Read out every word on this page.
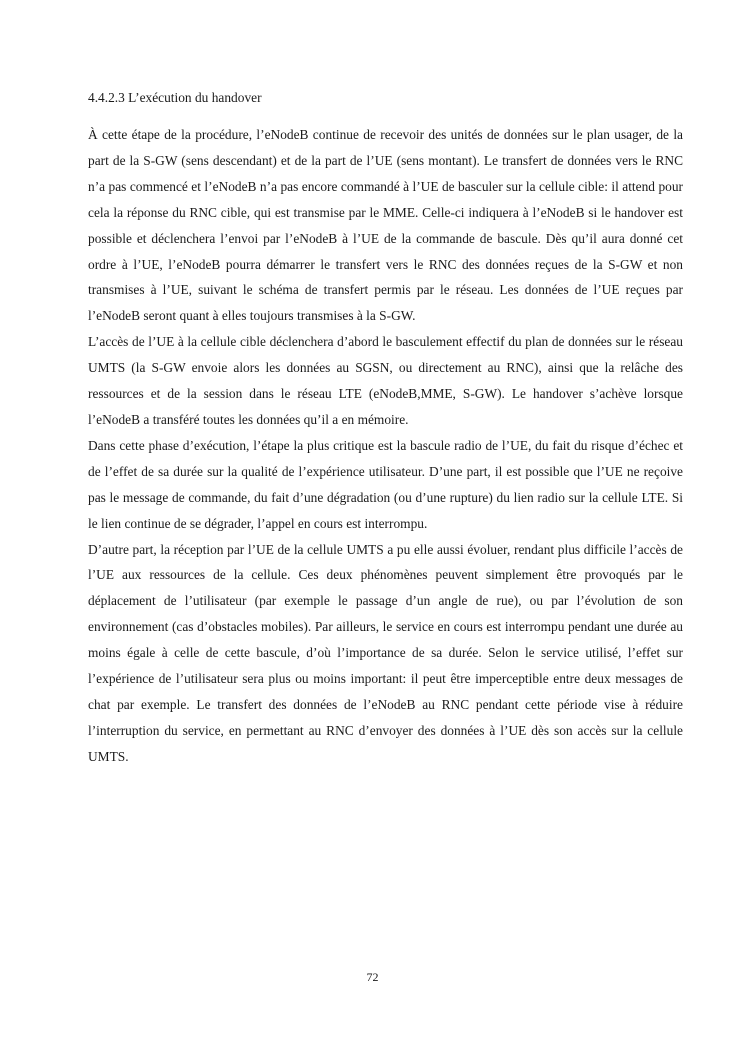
4.4.2.3 L’exécution du handover

À cette étape de la procédure, l’eNodeB continue de recevoir des unités de données sur le plan usager, de la part de la S-GW (sens descendant) et de la part de l’UE (sens montant). Le transfert de données vers le RNC n’a pas commencé et l’eNodeB n’a pas encore commandé à l’UE de basculer sur la cellule cible: il attend pour cela la réponse du RNC cible, qui est transmise par le MME. Celle-ci indiquera à l’eNodeB si le handover est possible et déclenchera l’envoi par l’eNodeB à l’UE de la commande de bascule. Dès qu’il aura donné cet ordre à l’UE, l’eNodeB pourra démarrer le transfert vers le RNC des données reçues de la S-GW et non transmises à l’UE, suivant le schéma de transfert permis par le réseau. Les données de l’UE reçues par l’eNodeB seront quant à elles toujours transmises à la S-GW.

L’accès de l’UE à la cellule cible déclenchera d’abord le basculement effectif du plan de données sur le réseau UMTS (la S-GW envoie alors les données au SGSN, ou directement au RNC), ainsi que la relâche des ressources et de la session dans le réseau LTE (eNodeB,MME, S-GW). Le handover s’achève lorsque l’eNodeB a transféré toutes les données qu’il a en mémoire.

Dans cette phase d’exécution, l’étape la plus critique est la bascule radio de l’UE, du fait du risque d’échec et de l’effet de sa durée sur la qualité de l’expérience utilisateur. D’une part, il est possible que l’UE ne reçoive pas le message de commande, du fait d’une dégradation (ou d’une rupture) du lien radio sur la cellule LTE. Si le lien continue de se dégrader, l’appel en cours est interrompu.

D’autre part, la réception par l’UE de la cellule UMTS a pu elle aussi évoluer, rendant plus difficile l’accès de l’UE aux ressources de la cellule. Ces deux phénomènes peuvent simplement être provoqués par le déplacement de l’utilisateur (par exemple le passage d’un angle de rue), ou par l’évolution de son environnement (cas d’obstacles mobiles). Par ailleurs, le service en cours est interrompu pendant une durée au moins égale à celle de cette bascule, d’où l’importance de sa durée. Selon le service utilisé, l’effet sur l’expérience de l’utilisateur sera plus ou moins important: il peut être imperceptible entre deux messages de chat par exemple. Le transfert des données de l’eNodeB au RNC pendant cette période vise à réduire l’interruption du service, en permettant au RNC d’envoyer des données à l’UE dès son accès sur la cellule UMTS.

72
